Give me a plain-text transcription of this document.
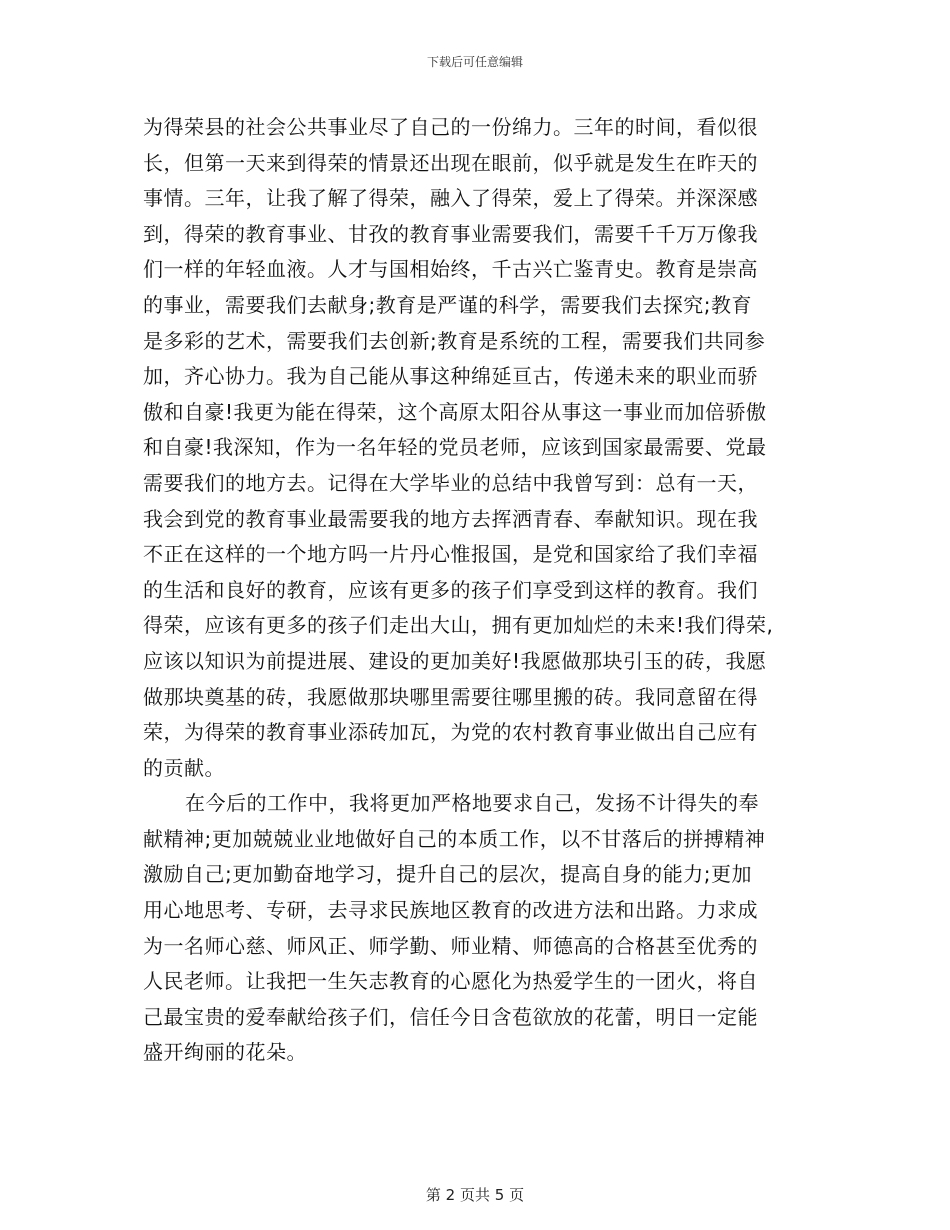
下载后可任意编辑
为得荣县的社会公共事业尽了自己的一份绵力。三年的时间，看似很
长，但第一天来到得荣的情景还出现在眼前，似乎就是发生在昨天的
事情。三年，让我了解了得荣，融入了得荣，爱上了得荣。并深深感
到，得荣的教育事业、甘孜的教育事业需要我们，需要千千万万像我
们一样的年轻血液。人才与国相始终，千古兴亡鉴青史。教育是崇高
的事业，需要我们去献身;教育是严谨的科学，需要我们去探究;教育
是多彩的艺术，需要我们去创新;教育是系统的工程，需要我们共同参
加，齐心协力。我为自己能从事这种绵延亘古，传递未来的职业而骄
傲和自豪!我更为能在得荣，这个高原太阳谷从事这一事业而加倍骄傲
和自豪!我深知，作为一名年轻的党员老师，应该到国家最需要、党最
需要我们的地方去。记得在大学毕业的总结中我曾写到：总有一天，
我会到党的教育事业最需要我的地方去挥洒青春、奉献知识。现在我
不正在这样的一个地方吗一片丹心惟报国，是党和国家给了我们幸福
的生活和良好的教育，应该有更多的孩子们享受到这样的教育。我们
得荣，应该有更多的孩子们走出大山，拥有更加灿烂的未来!我们得荣,
应该以知识为前提进展、建设的更加美好!我愿做那块引玉的砖，我愿
做那块奠基的砖，我愿做那块哪里需要往哪里搬的砖。我同意留在得
荣，为得荣的教育事业添砖加瓦，为党的农村教育事业做出自己应有
的贡献。
在今后的工作中，我将更加严格地要求自己，发扬不计得失的奉
献精神;更加兢兢业业地做好自己的本质工作，以不甘落后的拼搏精神
激励自己;更加勤奋地学习，提升自己的层次，提高自身的能力;更加
用心地思考、专研，去寻求民族地区教育的改进方法和出路。力求成
为一名师心慈、师风正、师学勤、师业精、师德高的合格甚至优秀的
人民老师。让我把一生矢志教育的心愿化为热爱学生的一团火，将自
己最宝贵的爱奉献给孩子们，信任今日含苞欲放的花蕾，明日一定能
盛开绚丽的花朵。
第 2 页共 5 页
